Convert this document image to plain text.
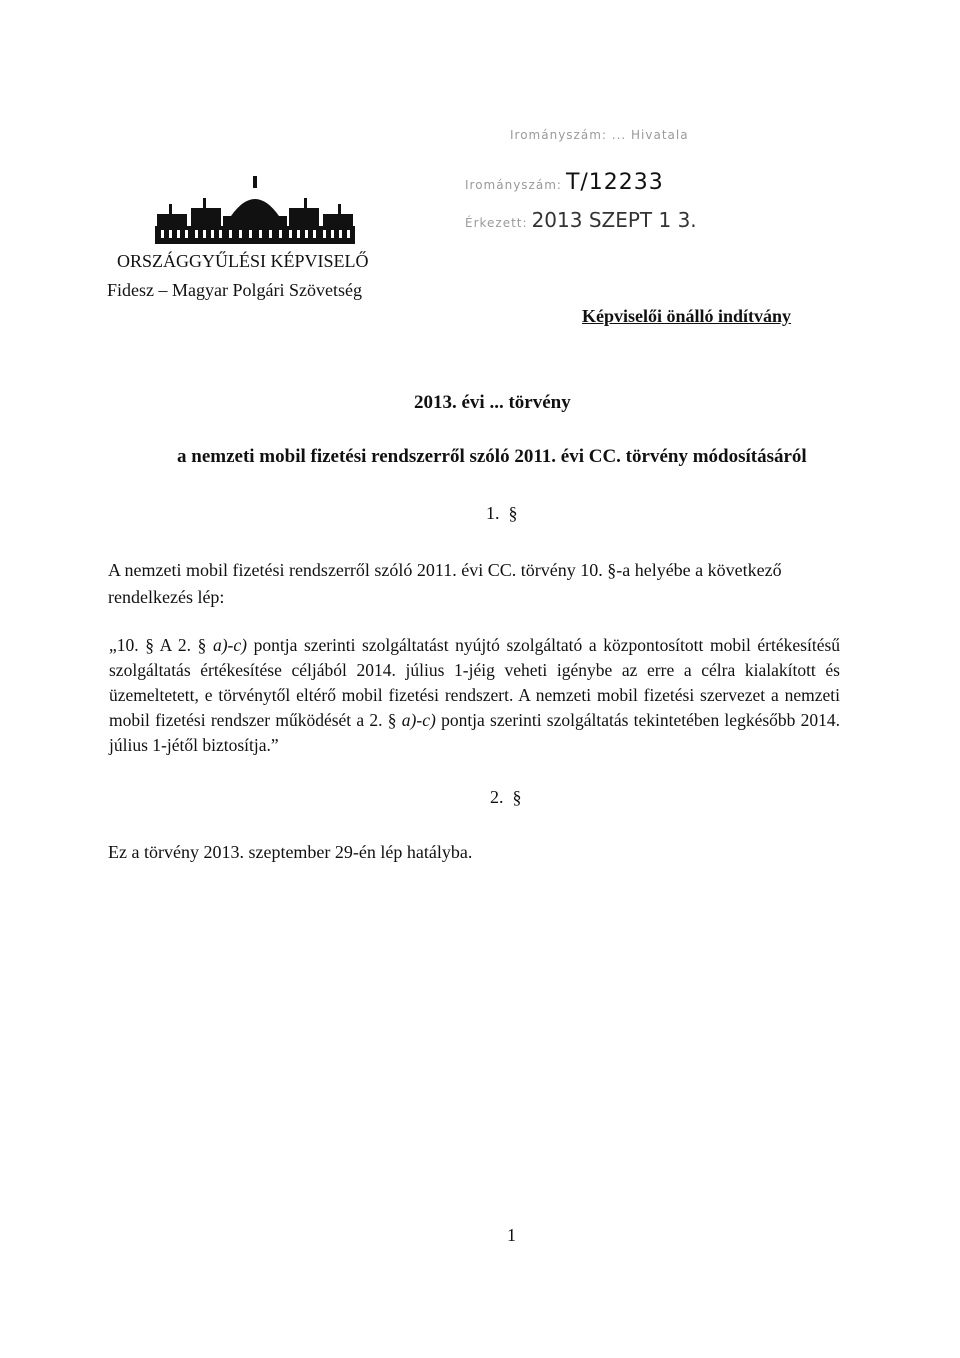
Irományszám: ... Hivatala
Irományszám: T/12233
Érkezett: 2013 SZEPT 1 3.
ORSZÁGGYŰLÉSI KÉPVISELŐ
Fidesz – Magyar Polgári Szövetség
Képviselői önálló indítvány
2013. évi ... törvény
a nemzeti mobil fizetési rendszerről szóló 2011. évi CC. törvény módosításáról
1. §
A nemzeti mobil fizetési rendszerről szóló 2011. évi CC. törvény 10. §-a helyébe a következő
rendelkezés lép:
„10. § A 2. § a)-c) pontja szerinti szolgáltatást nyújtó szolgáltató a központosított mobil értékesítésű szolgáltatás értékesítése céljából 2014. július 1-jéig veheti igénybe az erre a célra kialakított és üzemeltetett, e törvénytől eltérő mobil fizetési rendszert. A nemzeti mobil fizetési szervezet a nemzeti mobil fizetési rendszer működését a 2. § a)-c) pontja szerinti szolgáltatás tekintetében legkésőbb 2014. július 1-jétől biztosítja.”
2. §
Ez a törvény 2013. szeptember 29-én lép hatályba.
1
